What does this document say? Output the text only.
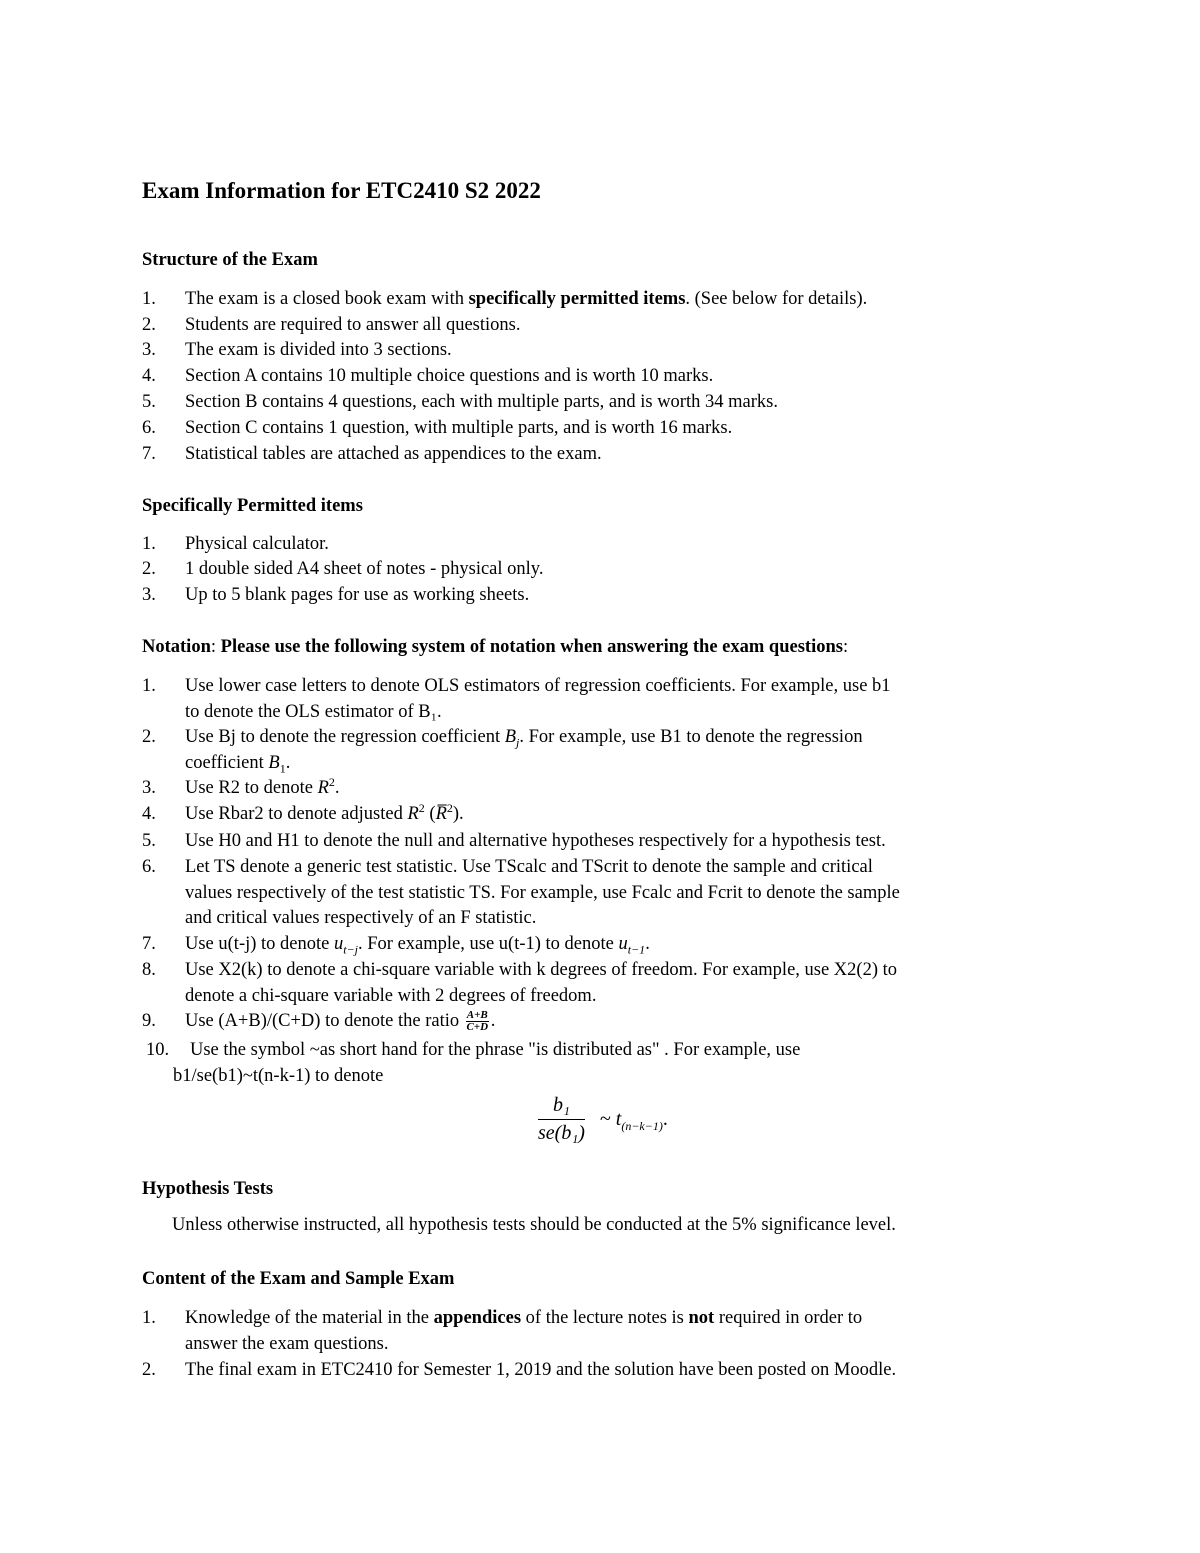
Exam Information for ETC2410 S2 2022
Structure of the Exam
1.	The exam is a closed book exam with specifically permitted items. (See below for details).
2.	Students are required to answer all questions.
3.	The exam is divided into 3 sections.
4.	Section A contains 10 multiple choice questions and is worth 10 marks.
5.	Section B contains 4 questions, each with multiple parts, and is worth 34 marks.
6.	Section C contains 1 question, with multiple parts, and is worth 16 marks.
7.	Statistical tables are attached as appendices to the exam.
Specifically Permitted items
1.	Physical calculator.
2.	1 double sided A4 sheet of notes - physical only.
3.	Up to 5 blank pages for use as working sheets.
Notation: Please use the following system of notation when answering the exam questions:
1.	Use lower case letters to denote OLS estimators of regression coefficients. For example, use b1
to denote the OLS estimator of B₁.
2.	Use Bj to denote the regression coefficient $B_j$. For example, use B1 to denote the regression
coefficient $B_1$.
3.	Use R2 to denote $R^2$.
4.	Use Rbar2 to denote adjusted $R^2$ (R̅$^2$).
5.	Use H0 and H1 to denote the null and alternative hypotheses respectively for a hypothesis test.
6.	Let TS denote a generic test statistic. Use TScalc and TScrit to denote the sample and critical
values respectively of the test statistic TS. For example, use Fcalc and Fcrit to denote the sample
and critical values respectively of an F statistic.
7.	Use u(t-j) to denote $u_{t-j}$. For example, use u(t-1) to denote $u_{t-1}$.
8.	Use X2(k) to denote a chi-square variable with k degrees of freedom. For example, use X2(2) to
denote a chi-square variable with 2 degrees of freedom.
9.	Use (A+B)/(C+D) to denote the ratio $\frac{A+B}{C+D}$ .
10.	Use the symbol ~as short hand for the phrase "is distributed as" . For example, use
b1/se(b1)~t(n-k-1) to denote
$\frac{\text{b₁}}{\text{se(b₁)}}$ ~ $t_{(n-k-1)}$.
Hypothesis Tests
Unless otherwise instructed, all hypothesis tests should be conducted at the 5% significance level.
Content of the Exam and Sample Exam
1.	Knowledge of the material in the appendices of the lecture notes is not required in order to
answer the exam questions.
2.	The final exam in ETC2410 for Semester 1, 2019 and the solution have been posted on Moodle.
